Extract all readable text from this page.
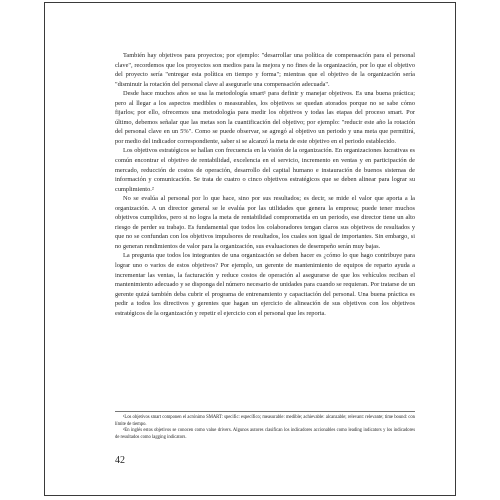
También hay objetivos para proyectos; por ejemplo: "desarrollar una política de compensación para el personal clave", recordemos que los proyectos son medios para la mejora y no fines de la organización, por lo que el objetivo del proyecto sería "entregar esta política en tiempo y forma"; mientras que el objetivo de la organización sería "disminuir la rotación del personal clave al asegurarle una compensación adecuada".

Desde hace muchos años se usa la metodología smart¹ para definir y manejar objetivos. Es una buena práctica; pero al llegar a los aspectos medibles o measurables, los objetivos se quedan atorados porque no se sabe cómo fijarlos; por ello, ofrecemos una metodología para medir los objetivos y todas las etapas del proceso smart. Por último, debemos señalar que las metas son la cuantificación del objetivo; por ejemplo: "reducir este año la rotación del personal clave en un 5%". Como se puede observar, se agregó al objetivo un periodo y una meta que permitirá, por medio del indicador correspondiente, saber si se alcanzó la meta de este objetivo en el periodo establecido.

Los objetivos estratégicos se hallan con frecuencia en la visión de la organización. En organizaciones lucrativas es común encontrar el objetivo de rentabilidad, excelencia en el servicio, incremento en ventas y en participación de mercado, reducción de costos de operación, desarrollo del capital humano e instauración de buenos sistemas de información y comunicación. Se trata de cuatro o cinco objetivos estratégicos que se deben alinear para lograr su cumplimiento.²

No se evalúa al personal por lo que hace, sino por sus resultados; es decir, se mide el valor que aporta a la organización. A un director general se le evalúa por las utilidades que genera la empresa; puede tener muchos objetivos cumplidos, pero si no logra la meta de rentabilidad comprometida en un periodo, ese director tiene un alto riesgo de perder su trabajo. Es fundamental que todos los colaboradores tengan claros sus objetivos de resultados y que no se confundan con los objetivos impulsores de resultados, los cuales son igual de importantes. Sin embargo, si no generan rendimientos de valor para la organización, sus evaluaciones de desempeño serán muy bajas.

La pregunta que todos los integrantes de una organización se deben hacer es ¿cómo lo que hago contribuye para lograr uno o varios de estos objetivos? Por ejemplo, un gerente de mantenimiento de equipos de reparto ayuda a incrementar las ventas, la facturación y reduce costos de operación al asegurarse de que los vehículos reciban el mantenimiento adecuado y se disponga del número necesario de unidades para cuando se requieran. Por tratarse de un gerente quizá también deba cubrir el programa de entrenamiento y capacitación del personal. Una buena práctica es pedir a todos los directivos y gerentes que hagan un ejercicio de alineación de sus objetivos con los objetivos estratégicos de la organización y repetir el ejercicio con el personal que les reporta.

¹Los objetivos smart componen el acrónimo SMART: specific: específico; measurable: medible; achievable: alcanzable; relevant: relevante; time bound: con límite de tiempo.

²En inglés estos objetivos se conocen como value drivers. Algunos autores clasifican los indicadores accionables como leading indicators y los indicadores de resultados como lagging indicators.

42
